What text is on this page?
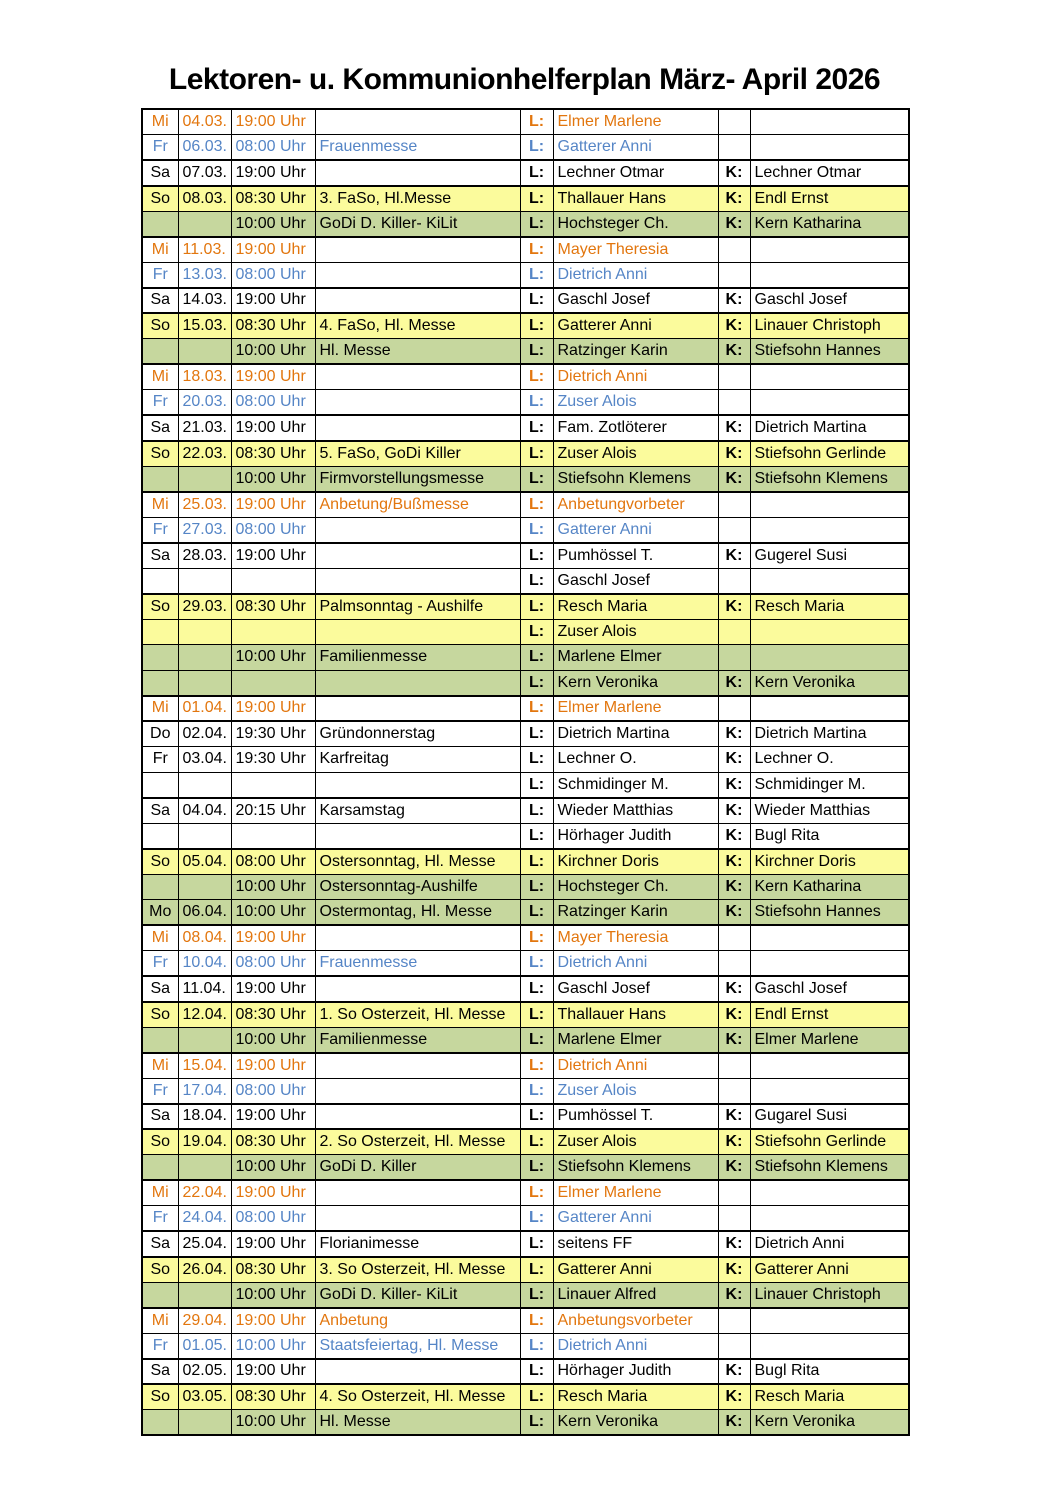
Lektoren- u. Kommunionhelferplan März- April 2026
Mi	04.03.	19:00 Uhr		L:	Elmer Marlene		
Fr	06.03.	08:00 Uhr	Frauenmesse	L:	Gatterer Anni		
Sa	07.03.	19:00 Uhr		L:	Lechner Otmar	K:	Lechner Otmar
So	08.03.	08:30 Uhr	3. FaSo, Hl.Messe	L:	Thallauer Hans	K:	Endl Ernst
		10:00 Uhr	GoDi D. Killer- KiLit	L:	Hochsteger Ch.	K:	Kern Katharina
Mi	11.03.	19:00 Uhr		L:	Mayer Theresia		
Fr	13.03.	08:00 Uhr		L:	Dietrich Anni		
Sa	14.03.	19:00 Uhr		L:	Gaschl Josef	K:	Gaschl Josef
So	15.03.	08:30 Uhr	4. FaSo, Hl. Messe	L:	Gatterer Anni	K:	Linauer Christoph
		10:00 Uhr	Hl. Messe	L:	Ratzinger Karin	K:	Stiefsohn Hannes
Mi	18.03.	19:00 Uhr		L:	Dietrich Anni		
Fr	20.03.	08:00 Uhr		L:	Zuser Alois		
Sa	21.03.	19:00 Uhr		L:	Fam. Zotlöterer	K:	Dietrich Martina
So	22.03.	08:30 Uhr	5. FaSo, GoDi Killer	L:	Zuser Alois	K:	Stiefsohn Gerlinde
		10:00 Uhr	Firmvorstellungsmesse	L:	Stiefsohn Klemens	K:	Stiefsohn Klemens
Mi	25.03.	19:00 Uhr	Anbetung/Bußmesse	L:	Anbetungvorbeter		
Fr	27.03.	08:00 Uhr		L:	Gatterer Anni		
Sa	28.03.	19:00 Uhr		L:	Pumhössel T.	K:	Gugerel Susi
				L:	Gaschl Josef		
So	29.03.	08:30 Uhr	Palmsonntag - Aushilfe	L:	Resch Maria	K:	Resch Maria
				L:	Zuser Alois		
		10:00 Uhr	Familienmesse	L:	Marlene Elmer		
				L:	Kern Veronika	K:	Kern Veronika
Mi	01.04.	19:00 Uhr		L:	Elmer Marlene		
Do	02.04.	19:30 Uhr	Gründonnerstag	L:	Dietrich Martina	K:	Dietrich Martina
Fr	03.04.	19:30 Uhr	Karfreitag	L:	Lechner O.	K:	Lechner O.
				L:	Schmidinger M.	K:	Schmidinger M.
Sa	04.04.	20:15 Uhr	Karsamstag	L:	Wieder Matthias	K:	Wieder Matthias
				L:	Hörhager Judith	K:	Bugl Rita
So	05.04.	08:00 Uhr	Ostersonntag, Hl. Messe	L:	Kirchner Doris	K:	Kirchner Doris
		10:00 Uhr	Ostersonntag-Aushilfe	L:	Hochsteger Ch.	K:	Kern Katharina
Mo	06.04.	10:00 Uhr	Ostermontag, Hl. Messe	L:	Ratzinger Karin	K:	Stiefsohn Hannes
Mi	08.04.	19:00 Uhr		L:	Mayer Theresia		
Fr	10.04.	08:00 Uhr	Frauenmesse	L:	Dietrich Anni		
Sa	11.04.	19:00 Uhr		L:	Gaschl Josef	K:	Gaschl Josef
So	12.04.	08:30 Uhr	1. So Osterzeit, Hl. Messe	L:	Thallauer Hans	K:	Endl Ernst
		10:00 Uhr	Familienmesse	L:	Marlene Elmer	K:	Elmer Marlene
Mi	15.04.	19:00 Uhr		L:	Dietrich Anni		
Fr	17.04.	08:00 Uhr		L:	Zuser Alois		
Sa	18.04.	19:00 Uhr		L:	Pumhössel T.	K:	Gugarel Susi
So	19.04.	08:30 Uhr	2. So Osterzeit, Hl. Messe	L:	Zuser Alois	K:	Stiefsohn Gerlinde
		10:00 Uhr	GoDi D. Killer	L:	Stiefsohn Klemens	K:	Stiefsohn Klemens
Mi	22.04.	19:00 Uhr		L:	Elmer Marlene		
Fr	24.04.	08:00 Uhr		L:	Gatterer Anni		
Sa	25.04.	19:00 Uhr	Florianimesse	L:	seitens FF	K:	Dietrich Anni
So	26.04.	08:30 Uhr	3. So Osterzeit, Hl. Messe	L:	Gatterer Anni	K:	Gatterer Anni
		10:00 Uhr	GoDi D. Killer- KiLit	L:	Linauer Alfred	K:	Linauer Christoph
Mi	29.04.	19:00 Uhr	Anbetung	L:	Anbetungsvorbeter		
Fr	01.05.	10:00 Uhr	Staatsfeiertag, Hl. Messe	L:	Dietrich Anni		
Sa	02.05.	19:00 Uhr		L:	Hörhager Judith	K:	Bugl Rita
So	03.05.	08:30 Uhr	4. So Osterzeit, Hl. Messe	L:	Resch Maria	K:	Resch Maria
		10:00 Uhr	Hl. Messe	L:	Kern Veronika	K:	Kern Veronika
